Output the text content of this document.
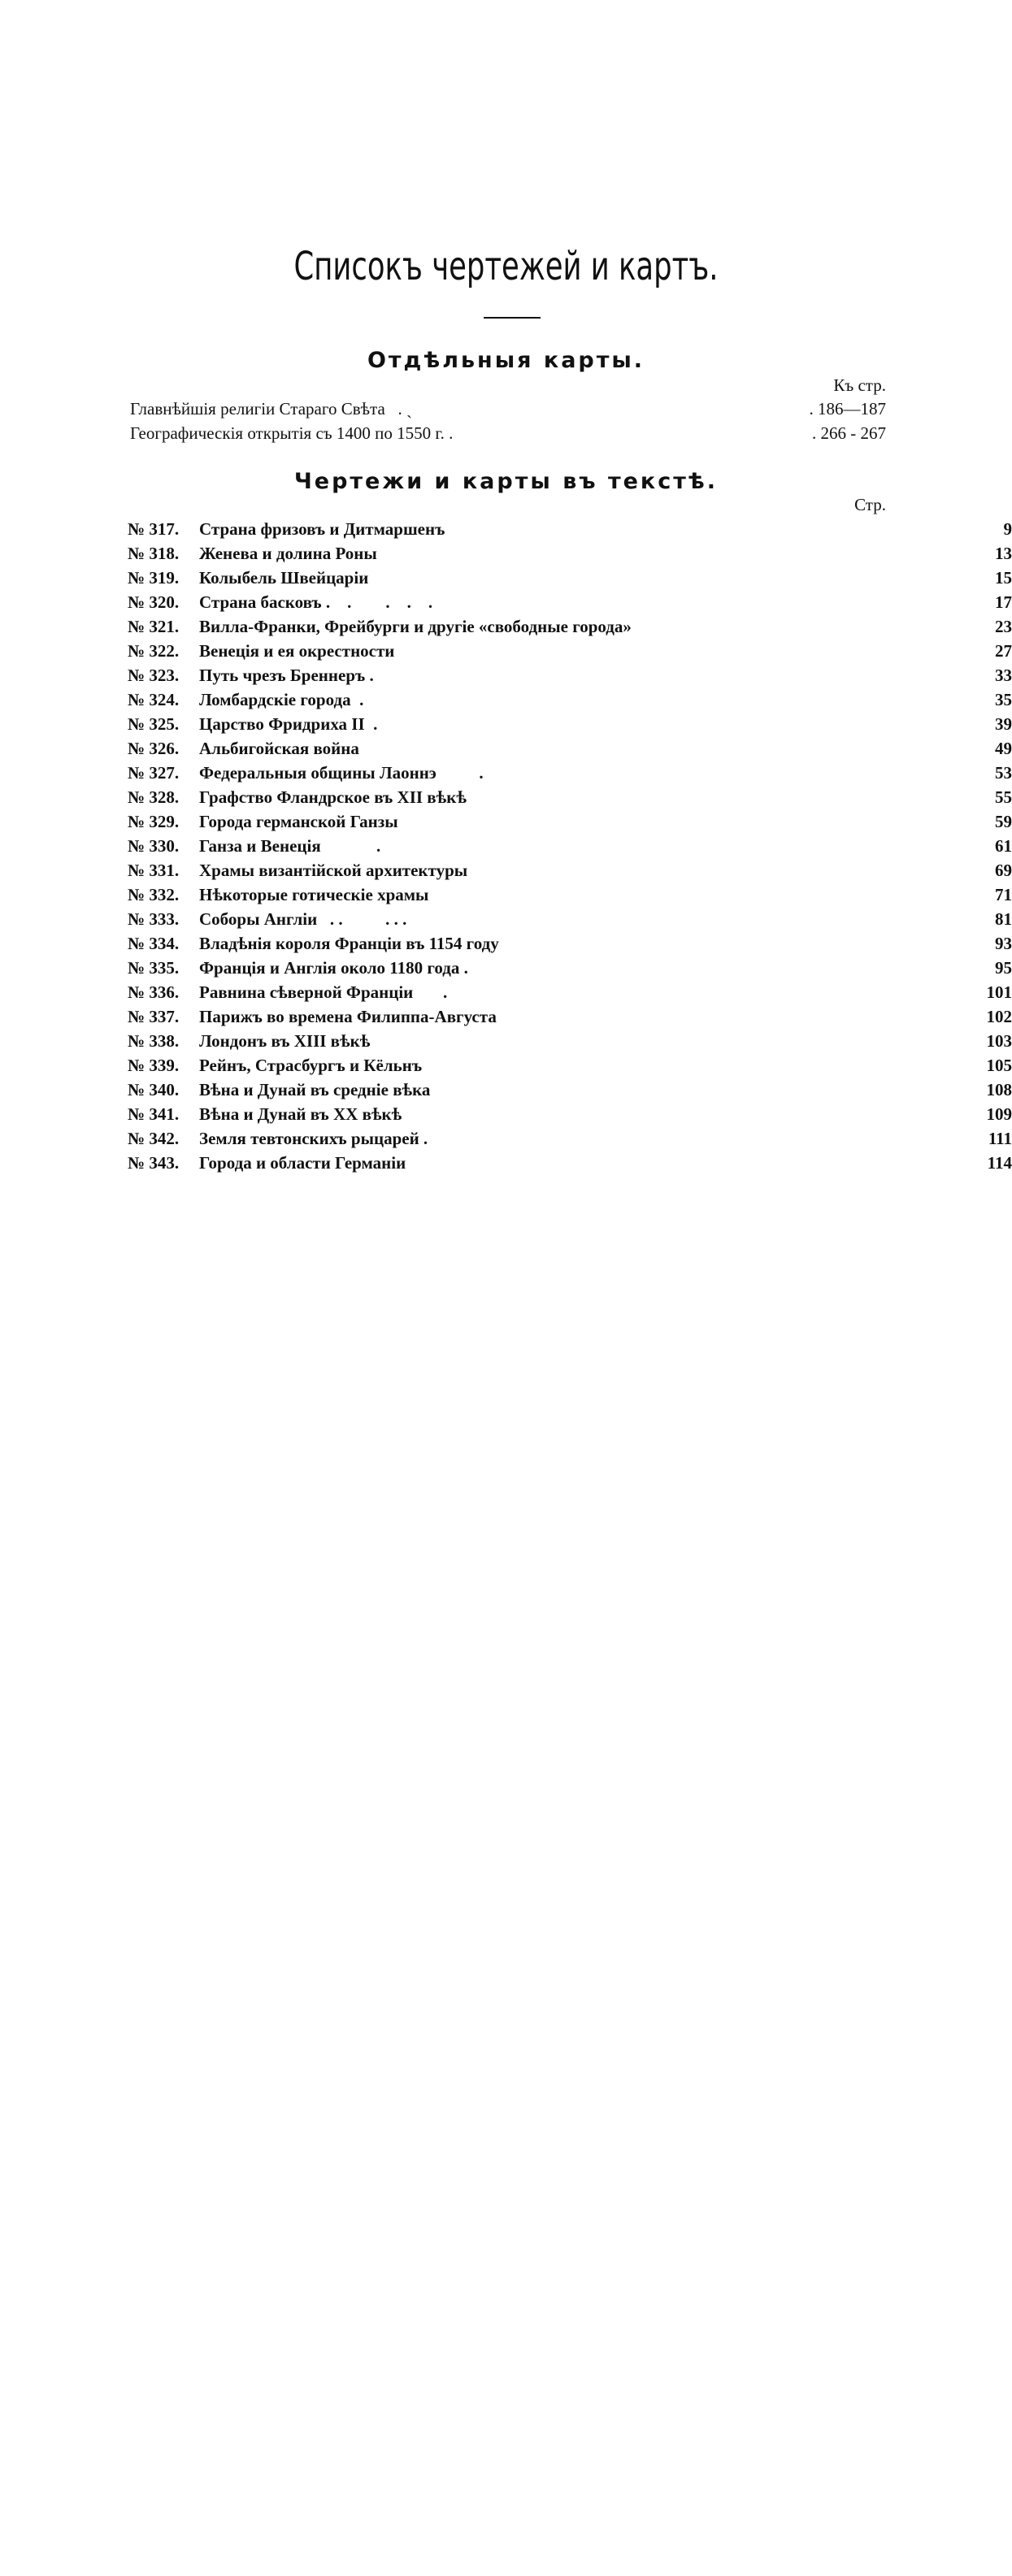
Списокъ чертежей и картъ.
Отдѣльныя карты.
Къ стр.
Главнѣйшія религіи Стараго Свѣта   . ˎ	. 186—187
Географическія открытія съ 1400 по 1550 г. .	. 266 - 267
Чертежи и карты въ текстѣ.
Стр.
№ 317.	Страна фризовъ и Дитмаршенъ	9
№ 318.	Женева и долина Роны	13
№ 319.	Колыбель Швейцаріи	15
№ 320.	Страна басковъ .    .        .    .    .	17
№ 321.	Вилла-Франки, Фрейбурги и другіе «свободные города»	23
№ 322.	Венеція и ея окрестности	27
№ 323.	Путь чрезъ Бреннеръ .	33
№ 324.	Ломбардскіе города  .	35
№ 325.	Царство Фридриха II  .	39
№ 326.	Альбигойская война	49
№ 327.	Федеральныя общины Лаоннэ          .	53
№ 328.	Графство Фландрское въ XII вѣкѣ	55
№ 329.	Города германской Ганзы	59
№ 330.	Ганза и Венеція             .	61
№ 331.	Храмы византійской архитектуры	69
№ 332.	Нѣкоторые готическіе храмы	71
№ 333.	Соборы Англіи   . .          . . .	81
№ 334.	Владѣнія короля Франціи въ 1154 году	93
№ 335.	Франція и Англія около 1180 года .	95
№ 336.	Равнина сѣверной Франціи       .	101
№ 337.	Парижъ во времена Филиппа-Августа	102
№ 338.	Лондонъ въ XIII вѣкѣ	103
№ 339.	Рейнъ, Страсбургъ и Кёльнъ	105
№ 340.	Вѣна и Дунай въ средніе вѣка	108
№ 341.	Вѣна и Дунай въ XX вѣкѣ	109
№ 342.	Земля тевтонскихъ рыцарей .	111
№ 343.	Города и области Германіи	114
